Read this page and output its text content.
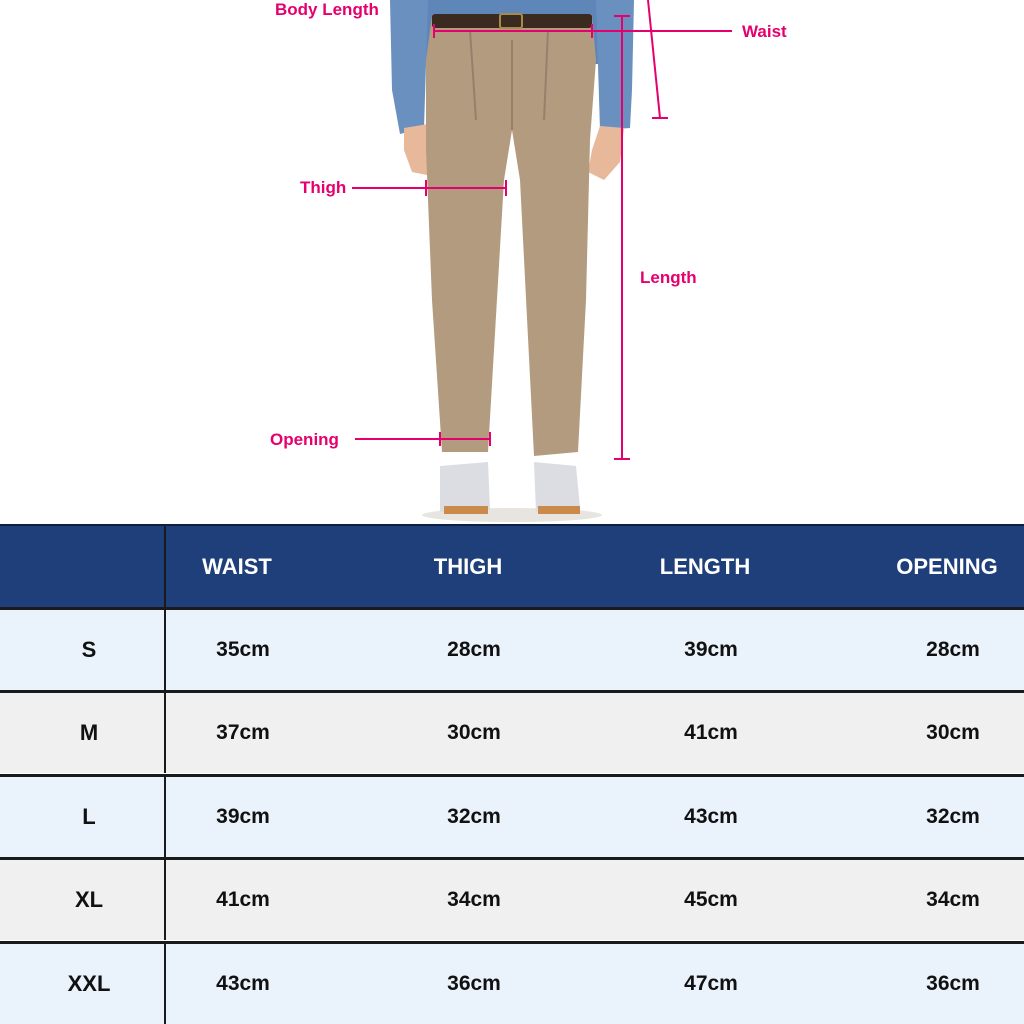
Body Length
Waist
Thigh
Length
Opening
WAIST	THIGH	LENGTH	OPENING
S	35cm	28cm	39cm	28cm
M	37cm	30cm	41cm	30cm
L	39cm	32cm	43cm	32cm
XL	41cm	34cm	45cm	34cm
XXL	43cm	36cm	47cm	36cm
